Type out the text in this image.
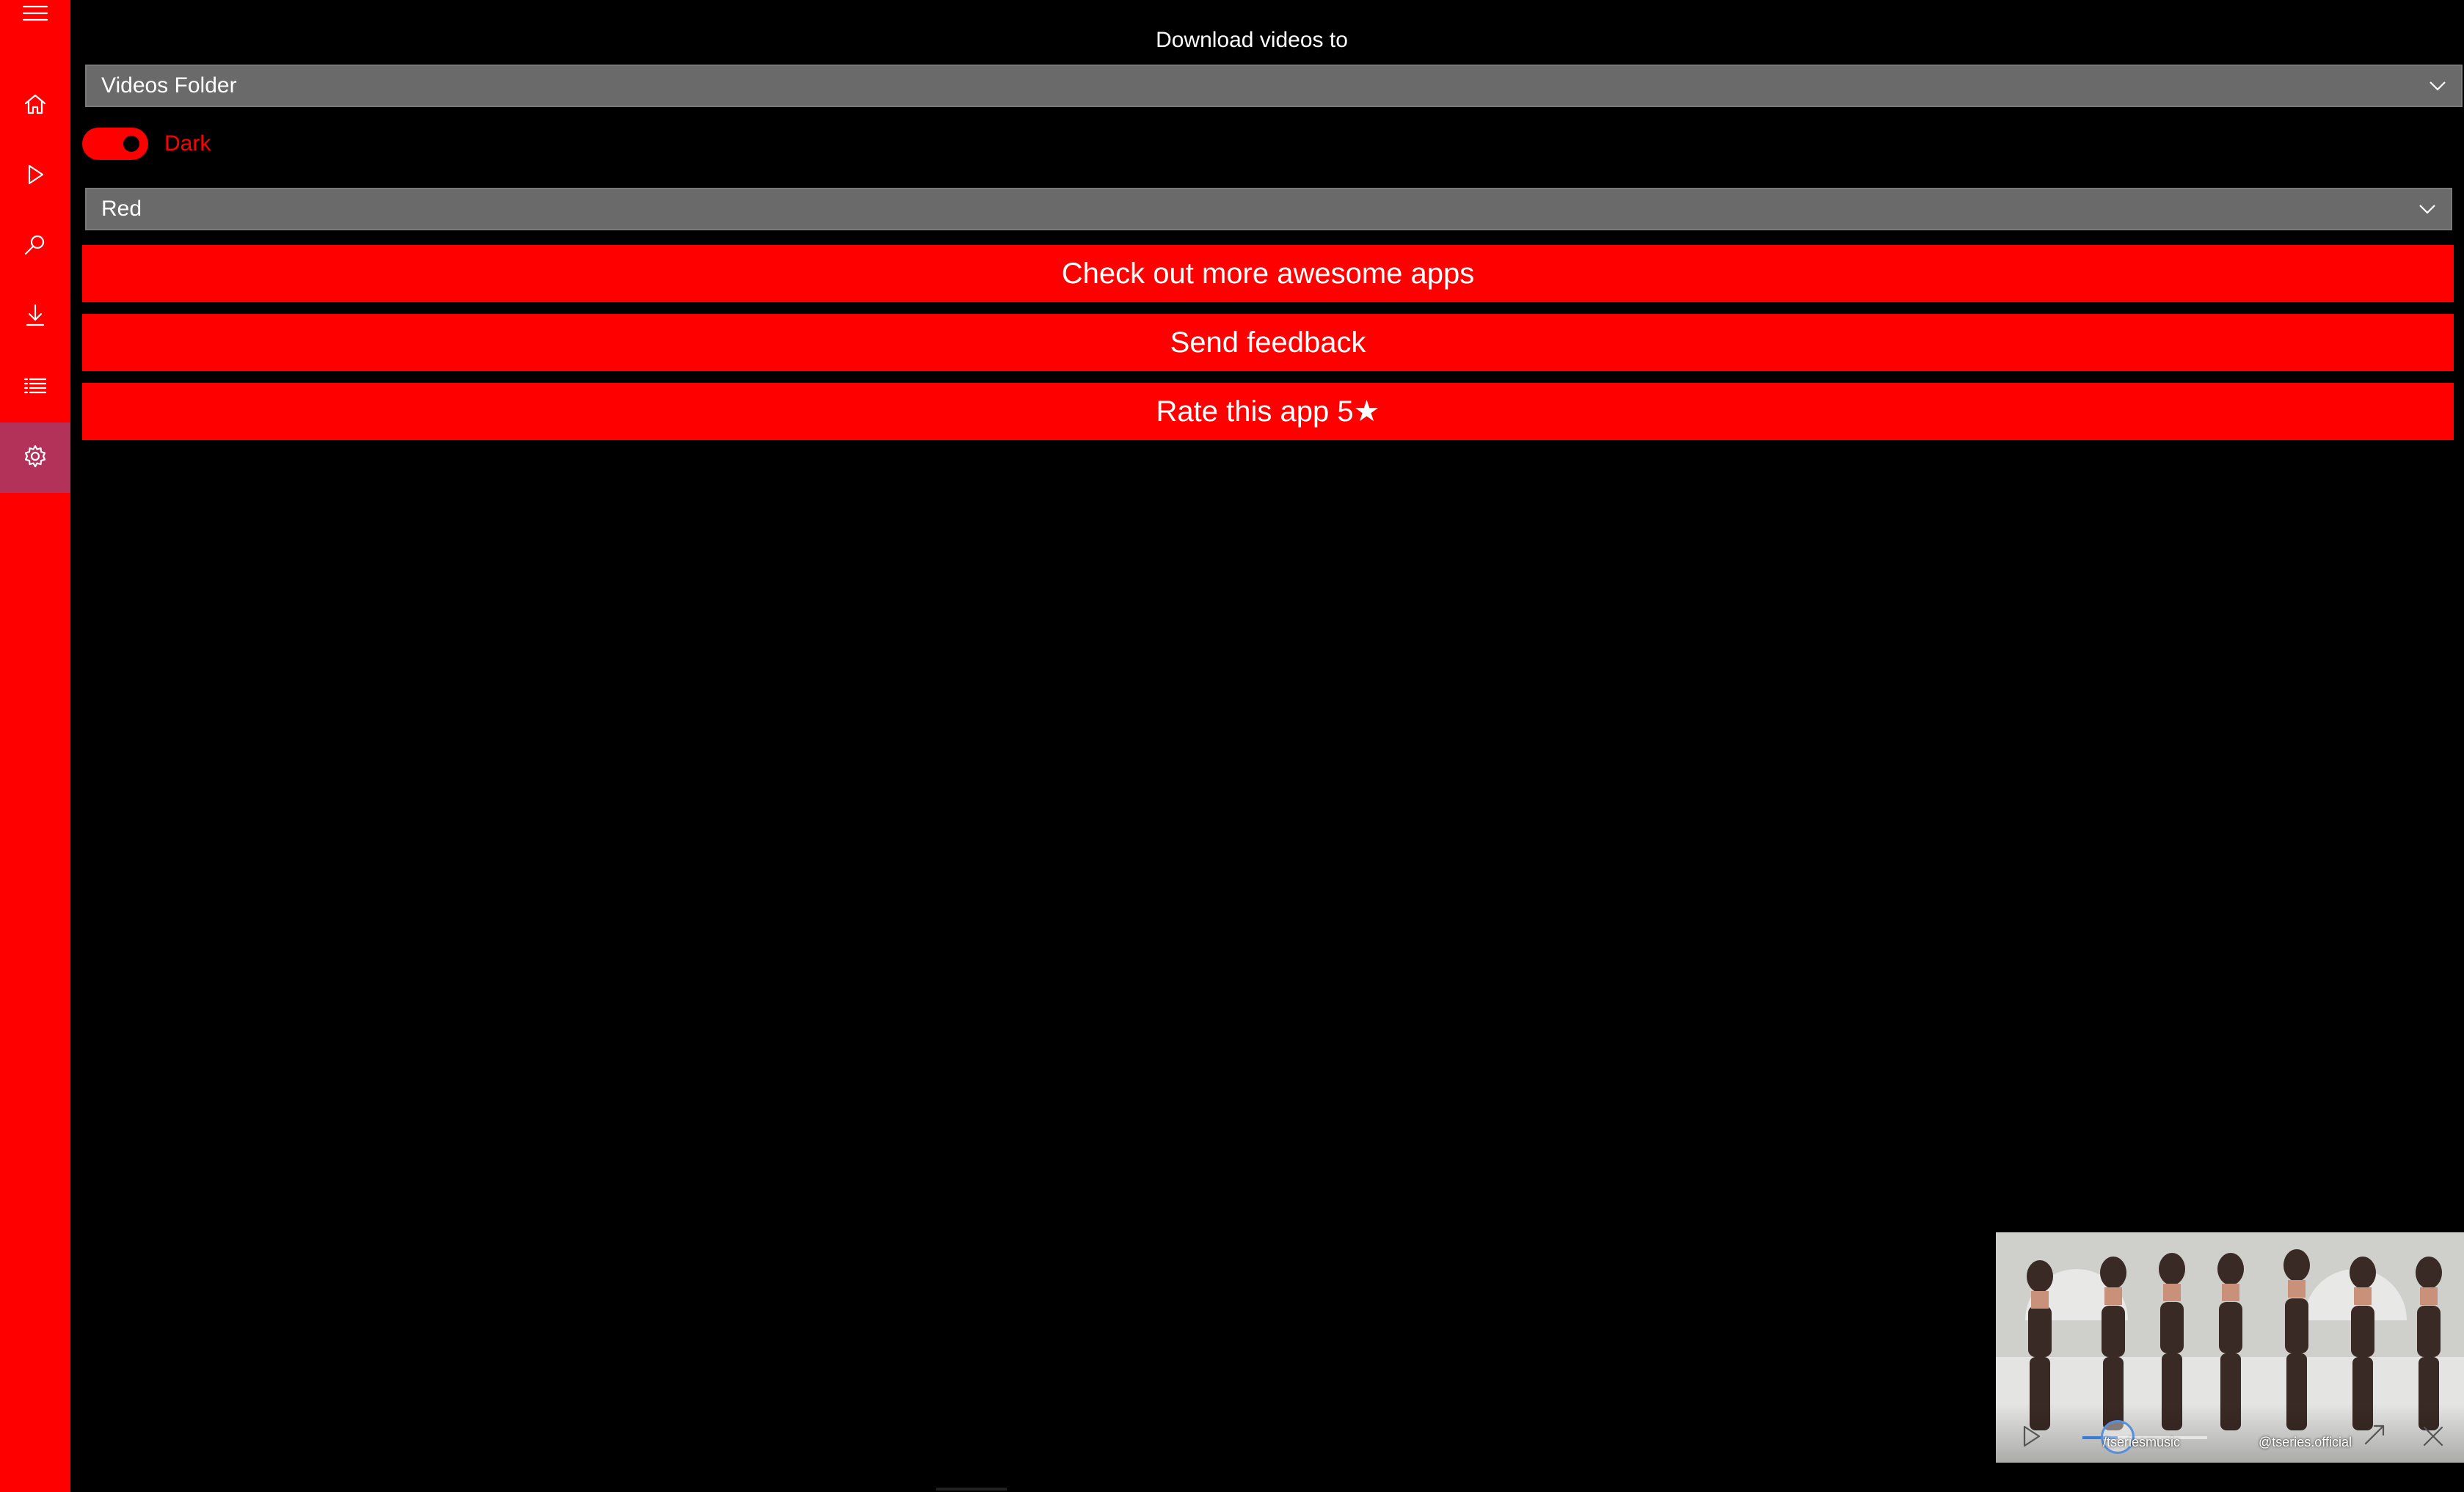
Download videos to
Videos Folder
Dark
Red
Check out more awesome apps
Send feedback
Rate this app 5★
/tseriesmusic	@tseries.official
